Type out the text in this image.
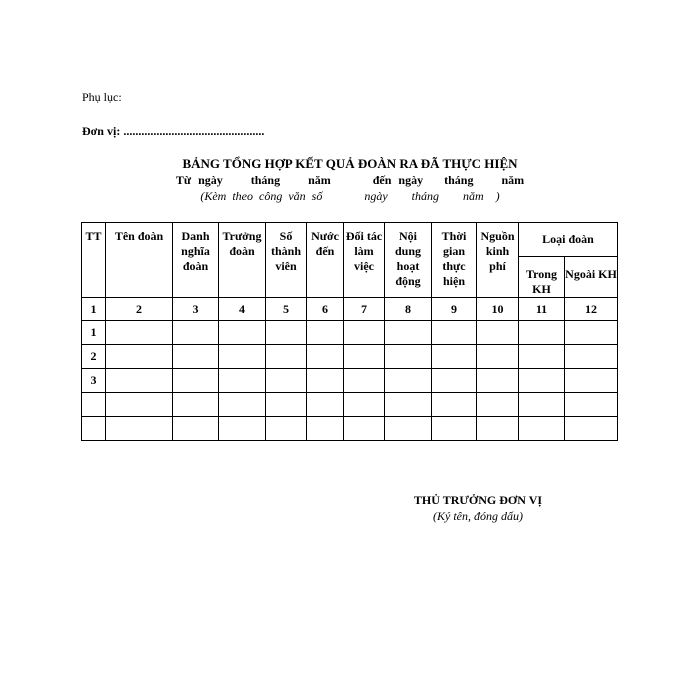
Phụ lục:
Đơn vị: ...............................................
BẢNG TỔNG HỢP KẾT QUẢ ĐOÀN RA ĐÃ THỰC HIỆN
Từ ngày    tháng    năm      đến ngày   tháng    năm
(Kèm theo công văn số       ngày    tháng    năm  )
TT	Tên đoàn	Danh nghĩa đoàn	Trưởng đoàn	Số thành viên	Nước đến	Đối tác làm việc	Nội dung hoạt động	Thời gian thực hiện	Nguồn kinh phí	Loại đoàn	
										Trong KH	Ngoài KH
1	2	3	4	5	6	7	8	9	10	11	12
1											
2											
3											

THỦ TRƯỞNG ĐƠN VỊ
(Ký tên, đóng dấu)
